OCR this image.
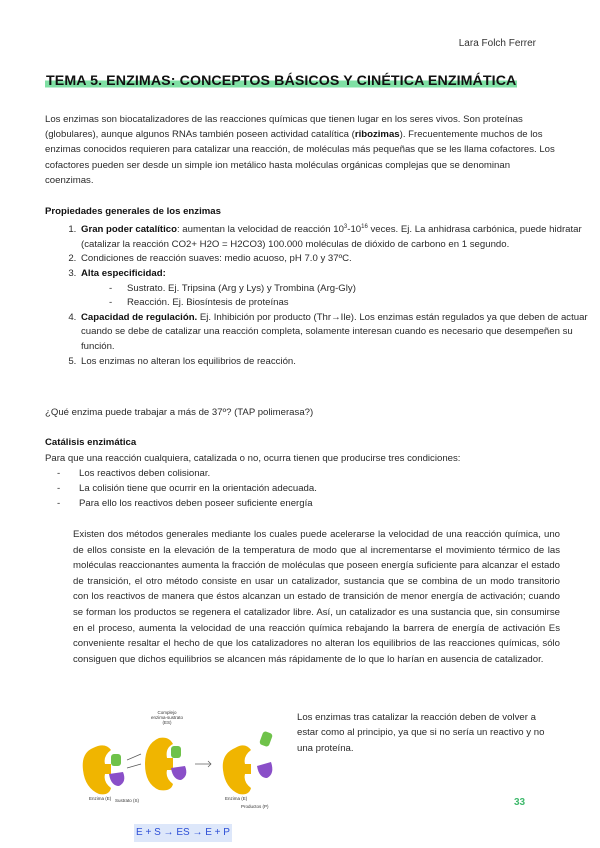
Lara Folch Ferrer
TEMA 5. ENZIMAS: CONCEPTOS BÁSICOS Y CINÉTICA ENZIMÁTICA
Los enzimas son biocatalizadores de las reacciones químicas que tienen lugar en los seres vivos. Son proteínas (globulares), aunque algunos RNAs también poseen actividad catalítica (ribozimas). Frecuentemente muchos de los enzimas conocidos requieren para catalizar una reacción, de moléculas más pequeñas que se les llama cofactores. Los cofactores pueden ser desde un simple ion metálico hasta moléculas orgánicas complejas que se denominan coenzimas.
Propiedades generales de los enzimas
1. Gran poder catalítico: aumentan la velocidad de reacción $10^3-10^{16}$ veces. Ej. La anhidrasa carbónica, puede hidratar (catalizar la reacción CO2+ H2O = H2CO3) 100.000 moléculas de dióxido de carbono en 1 segundo.
2. Condiciones de reacción suaves: medio acuoso, pH 7.0 y 37ºC.
3. Alta especificidad:
- Sustrato. Ej. Tripsina (Arg y Lys) y Trombina (Arg-Gly)
- Reacción. Ej. Biosíntesis de proteínas
4. Capacidad de regulación. Ej. Inhibición por producto (Thr→Ile). Los enzimas están regulados ya que deben de actuar cuando se debe de catalizar una reacción completa, solamente interesan cuando es necesario que desempeñen su función.
5. Los enzimas no alteran los equilibrios de reacción.
¿Qué enzima puede trabajar a más de 37º? (TAP polimerasa?)
Catálisis enzimática
Para que una reacción cualquiera, catalizada o no, ocurra tienen que producirse tres condiciones:
- Los reactivos deben colisionar.
- La colisión tiene que ocurrir en la orientación adecuada.
- Para ello los reactivos deben poseer suficiente energía
Existen dos métodos generales mediante los cuales puede acelerarse la velocidad de una reacción química, uno de ellos consiste en la elevación de la temperatura de modo que al incrementarse el movimiento térmico de las moléculas reaccionantes aumenta la fracción de moléculas que poseen energía suficiente para alcanzar el estado de transición, el otro método consiste en usar un catalizador, sustancia que se combina de un modo transitorio con los reactivos de manera que éstos alcanzan un estado de transición de menor energía de activación; cuando se forman los productos se regenera el catalizador libre. Así, un catalizador es una sustancia que, sin consumirse en el proceso, aumenta la velocidad de una reacción química rebajando la barrera de energía de activación Es conveniente resaltar el hecho de que los catalizadores no alteran los equilibrios de las reacciones químicas, sólo consiguen que dichos equilibrios se alcancen más rápidamente de lo que lo harían en ausencia de catalizador.
Complejo
enzima-sustrato
(ES)
Enzima (E) Sustrato (S)	Enzima (E)
Productos (P)
Los enzimas tras catalizar la reacción deben de volver a estar como al principio, ya que si no sería un reactivo y no una proteína.
33
E + S → ES → E + P
